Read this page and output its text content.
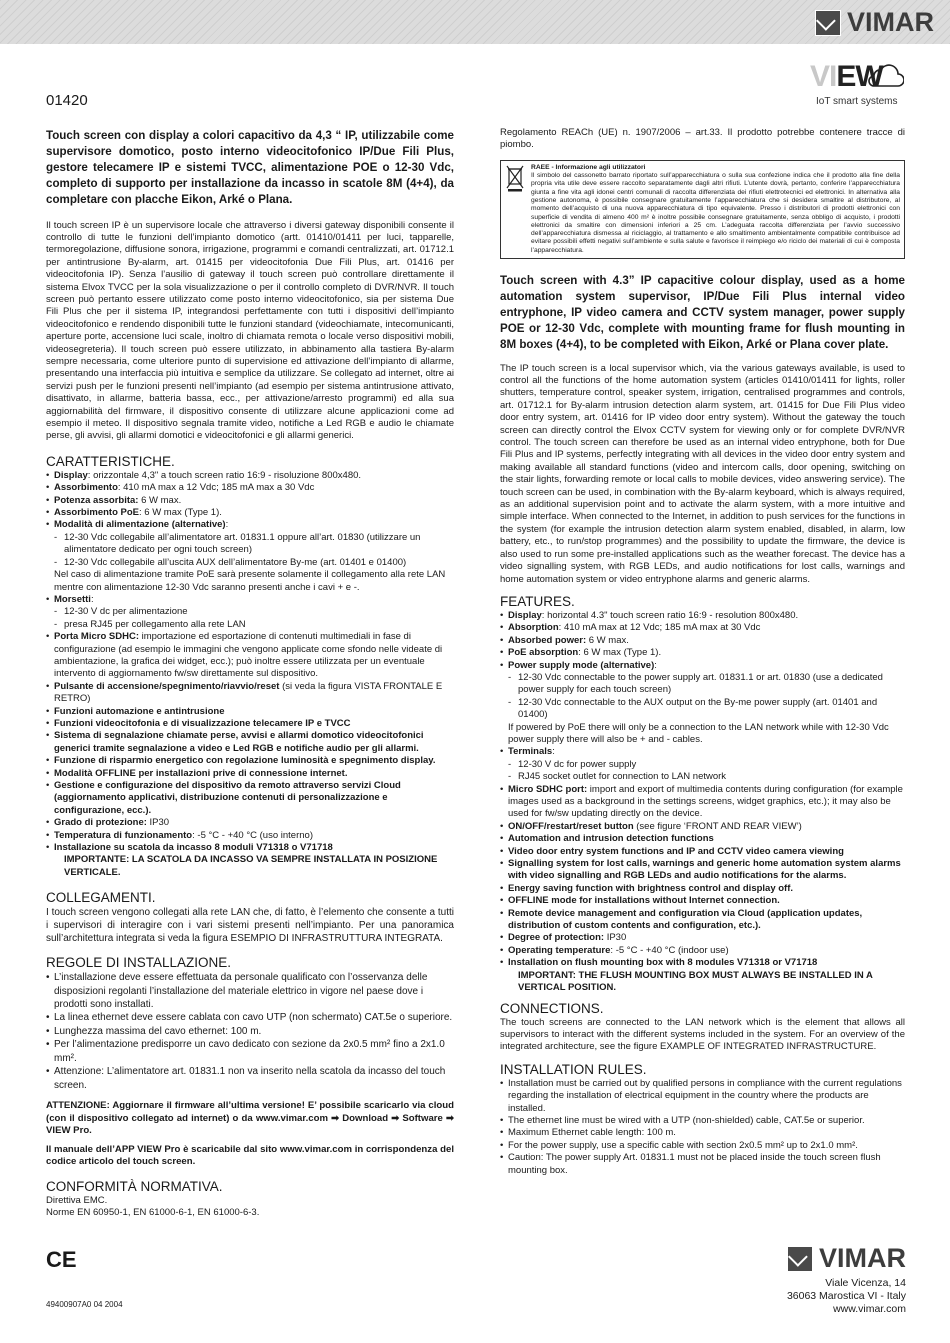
VIMAR
01420
VIEW
IoT smart systems

Touch screen con display a colori capacitivo da 4,3 “ IP, utilizzabile come supervisore domotico, posto interno videocitofonico IP/Due Fili Plus, gestore telecamere IP e sistemi TVCC, alimentazione POE o 12-30 Vdc, completo di supporto per installazione da incasso in scatole 8M (4+4), da completare con placche Eikon, Arké o Plana.

Il touch screen IP è un supervisore locale che attraverso i diversi gateway disponibili consente il controllo di tutte le funzioni dell’impianto domotico (artt. 01410/01411 per luci, tapparelle, termoregolazione, diffusione sonora, irrigazione, programmi e comandi centralizzati, art. 01712.1 per antintrusione By-alarm, art. 01415 per videocitofonia Due Fili Plus, art. 01416 per videocitofonia IP). Senza l’ausilio di gateway il touch screen può controllare direttamente il sistema Elvox TVCC per la sola visualizzazione o per il controllo completo di DVR/NVR. Il touch screen può pertanto essere utilizzato come posto interno videocitofonico, sia per sistema Due Fili Plus che per il sistema IP, integrandosi perfettamente con tutti i dispositivi dell’impianto videocitofonico e rendendo disponibili tutte le funzioni standard (videochiamate, intecomunicanti, aperture porte, accensione luci scale, inoltro di chiamata remota o locale verso dispositivi mobili, videosegreteria). Il touch screen può essere utilizzato, in abbinamento alla tastiera By-alarm sempre necessaria, come ulteriore punto di supervisione ed attivazione dell’impianto di allarme, presentando una interfaccia più intuitiva e semplice da utilizzare. Se collegato ad internet, oltre ai servizi push per le funzioni presenti nell’impianto (ad esempio per sistema antintrusione attivato, disattivato, in allarme, batteria bassa, ecc., per attivazione/arresto programmi) ed alla sua aggiornabilità del firmware, il dispositivo consente di utilizzare alcune applicazioni come ad esempio il meteo. Il dispositivo segnala tramite video, notifiche a Led RGB e audio le chiamate perse, gli avvisi, gli allarmi domotici e videocitofonici e gli allarmi generici.

CARATTERISTICHE.
• Display: orizzontale 4,3" a touch screen ratio 16:9 - risoluzione 800x480.
• Assorbimento: 410 mA max a 12 Vdc; 185 mA max a 30 Vdc
• Potenza assorbita: 6 W max.
• Assorbimento PoE: 6 W max (Type 1).
• Modalità di alimentazione (alternative):
- 12-30 Vdc collegabile all’alimentatore art. 01831.1 oppure all’art. 01830 (utilizzare un alimentatore dedicato per ogni touch screen)
- 12-30 Vdc collegabile all’uscita AUX dell’alimentatore By-me (art. 01401 e 01400)
Nel caso di alimentazione tramite PoE sarà presente solamente il collegamento alla rete LAN mentre con alimentazione 12-30 Vdc saranno presenti anche i cavi + e -.
• Morsetti:
- 12-30 V dc per alimentazione
- presa RJ45 per collegamento alla rete LAN
• Porta Micro SDHC: importazione ed esportazione di contenuti multimediali in fase di configurazione (ad esempio le immagini che vengono applicate come sfondo nelle videate di ambientazione, la grafica dei widget, ecc.); può inoltre essere utilizzata per un eventuale intervento di aggiornamento fw/sw direttamente sul dispositivo.
• Pulsante di accensione/spegnimento/riavvio/reset (si veda la figura VISTA FRONTALE E RETRO)
• Funzioni automazione e antintrusione
• Funzioni videocitofonia e di visualizzazione telecamere IP e TVCC
• Sistema di segnalazione chiamate perse, avvisi e allarmi domotico videocitofonici generici tramite segnalazione a video e Led RGB e notifiche audio per gli allarmi.
• Funzione di risparmio energetico con regolazione luminosità e spegnimento display.
• Modalità OFFLINE per installazioni prive di connessione internet.
• Gestione e configurazione del dispositivo da remoto attraverso servizi Cloud (aggiornamento applicativi, distribuzione contenuti di personalizzazione e configurazione, ecc.).
• Grado di protezione: IP30
• Temperatura di funzionamento: -5 °C - +40 °C (uso interno)
• Installazione su scatola da incasso 8 moduli V71318 o V71718
IMPORTANTE: LA SCATOLA DA INCASSO VA SEMPRE INSTALLATA IN POSIZIONE VERTICALE.
COLLEGAMENTI.

I touch screen vengono collegati alla rete LAN che, di fatto, è l’elemento che consente a tutti i supervisori di interagire con i vari sistemi presenti nell’impianto. Per una panoramica sull’architettura integrata si veda la figura ESEMPIO DI INFRASTRUTTURA INTEGRATA.

REGOLE DI INSTALLAZIONE.
• L’installazione deve essere effettuata da personale qualificato con l’osservanza delle disposizioni regolanti l’installazione del materiale elettrico in vigore nel paese dove i prodotti sono installati.
• La linea ethernet deve essere cablata con cavo UTP (non schermato) CAT.5e o superiore.
• Lunghezza massima del cavo ethernet: 100 m.
• Per l’alimentazione predisporre un cavo dedicato con sezione da 2x0.5 mm² fino a 2x1.0 mm².
• Attenzione: L’alimentatore art. 01831.1 non va inserito nella scatola da incasso del touch screen.

ATTENZIONE: Aggiornare il firmware all’ultima versione! E’ possibile scaricarlo via cloud (con il dispositivo collegato ad internet) o da www.vimar.com ➡ Download ➡ Software ➡ VIEW Pro.

Il manuale dell’APP VIEW Pro è scaricabile dal sito www.vimar.com in corrispondenza del codice articolo del touch screen.

CONFORMITÀ NORMATIVA.

Direttiva EMC.

Norme EN 60950-1, EN 61000-6-1, EN 61000-6-3.

Regolamento REACh (UE) n. 1907/2006 – art.33. Il prodotto potrebbe contenere tracce di piombo.

RAEE - Informazione agli utilizzatori
Il simbolo del cassonetto barrato riportato sull’apparecchiatura o sulla sua confezione indica che il prodotto alla fine della propria vita utile deve essere raccolto separatamente dagli altri rifiuti. L’utente dovrà, pertanto, conferire l’apparecchiatura giunta a fine vita agli idonei centri comunali di raccolta differenziata dei rifiuti elettrotecnici ed elettronici. In alternativa alla gestione autonoma, è possibile consegnare gratuitamente l’apparecchiatura che si desidera smaltire al distributore, al momento dell’acquisto di una nuova apparecchiatura di tipo equivalente. Presso i distributori di prodotti elettronici con superficie di vendita di almeno 400 m² è inoltre possibile consegnare gratuitamente, senza obbligo di acquisto, i prodotti elettronici da smaltire con dimensioni inferiori a 25 cm. L’adeguata raccolta differenziata per l’avvio successivo dell’apparecchiatura dismessa al riciclaggio, al trattamento e allo smaltimento ambientalmente compatibile contribuisce ad evitare possibili effetti negativi sull’ambiente e sulla salute e favorisce il reimpiego e/o riciclo dei materiali di cui è composta l’apparecchiatura.

Touch screen with 4.3” IP capacitive colour display, used as a home automation system supervisor, IP/Due Fili Plus internal video entryphone, IP video camera and CCTV system manager, power supply POE or 12-30 Vdc, complete with mounting frame for flush mounting in 8M boxes (4+4), to be completed with Eikon, Arké or Plana cover plate.

The IP touch screen is a local supervisor which, via the various gateways available, is used to control all the functions of the home automation system (articles 01410/01411 for lights, roller shutters, temperature control, speaker system, irrigation, centralised programmes and controls, art. 01712.1 for By-alarm intrusion detection alarm system, art. 01415 for Due Fili Plus video door entry system, art. 01416 for IP video door entry system). Without the gateway the touch screen can directly control the Elvox CCTV system for viewing only or for complete DVR/NVR control. The touch screen can therefore be used as an internal video entryphone, both for Due Fili Plus and IP systems, perfectly integrating with all devices in the video door entry system and making available all standard functions (video and intercom calls, door opening, switching on the stair lights, forwarding remote or local calls to mobile devices, video answering service). The touch screen can be used, in combination with the By-alarm keyboard, which is always required, as an additional supervision point and to activate the alarm system, with a more intuitive and simple interface. When connected to the Internet, in addition to push services for the functions in the system (for example the intrusion detection alarm system enabled, disabled, in alarm, low battery, etc., to run/stop programmes) and the possibility to update the firmware, the device is also used to run some pre-installed applications such as the weather forecast. The device has a video signalling system, with RGB LEDs, and audio notifications for lost calls, warnings and home automation system or video entryphone alarms and generic alarms.

FEATURES.
• Display: horizontal 4.3" touch screen ratio 16:9 - resolution 800x480.
• Absorption: 410 mA max at 12 Vdc; 185 mA max at 30 Vdc
• Absorbed power: 6 W max.
• PoE absorption: 6 W max (Type 1).
• Power supply mode (alternative):
- 12-30 Vdc connectable to the power supply art. 01831.1 or art. 01830 (use a dedicated power supply for each touch screen)
- 12-30 Vdc connectable to the AUX output on the By-me power supply (art. 01401 and 01400)
If powered by PoE there will only be a connection to the LAN network while with 12-30 Vdc power supply there will also be + and - cables.
• Terminals:
- 12-30 V dc for power supply
- RJ45 socket outlet for connection to LAN network
• Micro SDHC port: import and export of multimedia contents during configuration (for example images used as a background in the settings screens, widget graphics, etc.); it may also be used for fw/sw updating directly on the device.
• ON/OFF/restart/reset button (see figure ‘FRONT AND REAR VIEW’)
• Automation and intrusion detection functions
• Video door entry system functions and IP and CCTV video camera viewing
• Signalling system for lost calls, warnings and generic home automation system alarms with video signalling and RGB LEDs and audio notifications for the alarms.
• Energy saving function with brightness control and display off.
• OFFLINE mode for installations without Internet connection.
• Remote device management and configuration via Cloud (application updates, distribution of custom contents and configuration, etc.).
• Degree of protection: IP30
• Operating temperature: -5 °C - +40 °C (indoor use)
• Installation on flush mounting box with 8 modules V71318 or V71718
IMPORTANT: THE FLUSH MOUNTING BOX MUST ALWAYS BE INSTALLED IN A VERTICAL POSITION.
CONNECTIONS.

The touch screens are connected to the LAN network which is the element that allows all supervisors to interact with the different systems included in the system. For an overview of the integrated architecture, see the figure EXAMPLE OF INTEGRATED INFRASTRUCTURE.

INSTALLATION RULES.
• Installation must be carried out by qualified persons in compliance with the current regulations regarding the installation of electrical equipment in the country where the products are installed.
• The ethernet line must be wired with a UTP (non-shielded) cable, CAT.5e or superior.
• Maximum Ethernet cable length: 100 m.
• For the power supply, use a specific cable with section 2x0.5 mm² up to 2x1.0 mm².
• Caution: The power supply Art. 01831.1 must not be placed inside the touch screen flush mounting box.
CE
49400907A0 04 2004
VIMAR
Viale Vicenza, 14
36063 Marostica VI - Italy
www.vimar.com
